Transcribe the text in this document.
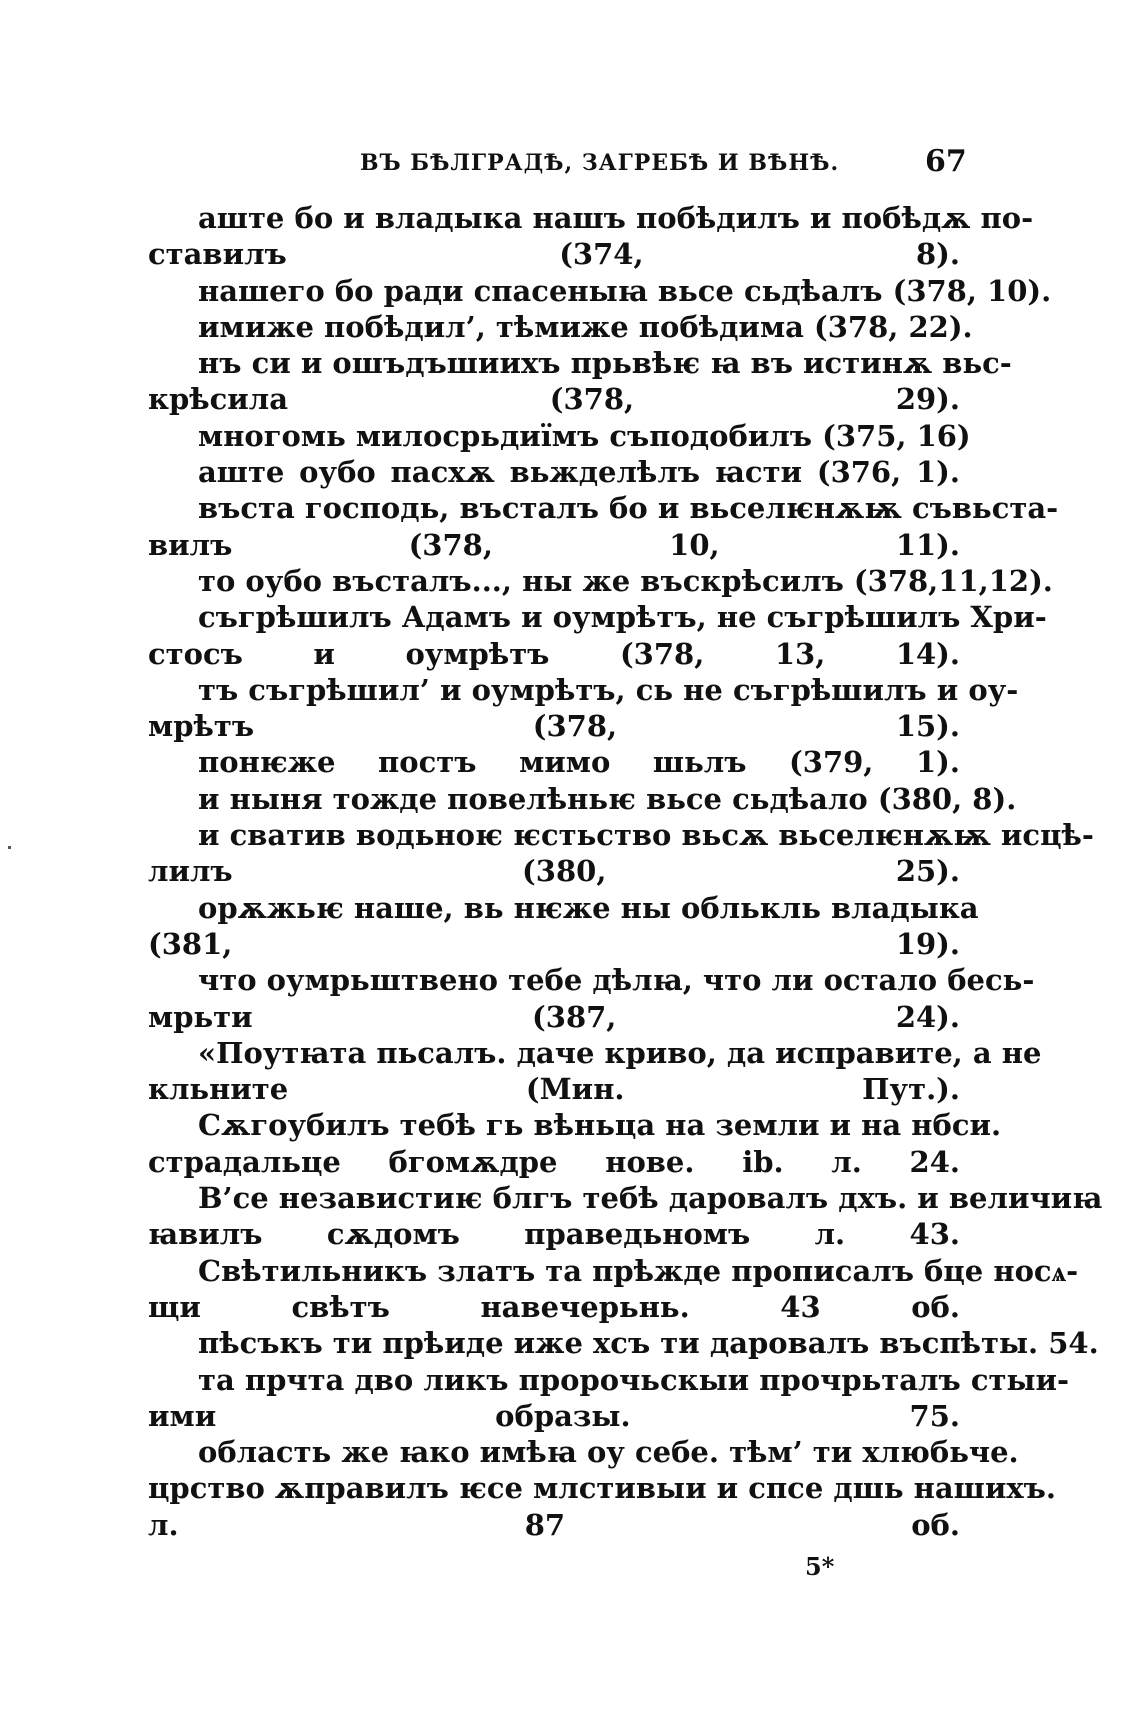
ВЪ БѢЛГРАДѢ, ЗАГРЕБѢ И ВѢНѢ.	67
аште бо и владыка нашъ побѣдилъ и побѣдѫ по-
ставилъ (374, 8).
нашего бо ради спасеныꙗ вьсе сьдѣалъ (378, 10).
имиже побѣдил’, тѣмиже побѣдима (378, 22).
нъ си и ошъдъшиихъ прьвѣѥ ꙗ въ истинѫ вьс-
крѣсила (378, 29).
многомь милосрьдиїмъ съподобилъ (375, 16)
аште оубо пасхѫ вьжделѣлъ ꙗсти (376, 1).
въста господь, въсталъ бо и вьселѥнѫѭ съвьста-
вилъ (378, 10, 11).
то оубо въсталъ..., ны же въскрѣсилъ (378,11,12).
съгрѣшилъ Адамъ и оумрѣтъ, не съгрѣшилъ Хри-
стосъ и оумрѣтъ (378, 13, 14).
тъ съгрѣшил’ и оумрѣтъ, сь не съгрѣшилъ и оу-
мрѣтъ (378, 15).
понѥже постъ мимо шьлъ (379, 1).
и ныня тожде повелѣньѥ вьсе сьдѣало (380, 8).
и сватив водьноѥ ѥстьство вьсѫ вьселѥнѫѭ исцѣ-
лилъ (380, 25).
орѫжьѥ наше, вь нѥже ны облькль владыка
(381, 19).
что оумрьштвено тебе дѣлꙗ, что ли остало бесь-
мрьти (387, 24).
«Поутꙗта пьсалъ. даче криво, да исправите, а не
кльните (Мин. Пут.).
Сѫгоубилъ тебѣ гь вѣньца на земли и на нбси.
страдальце бгомѫдре нове. ib. л. 24.
В’се независтиѥ блгъ тебѣ даровалъ дхъ. и величиꙗ
ꙗвилъ сѫдомъ праведьномъ л. 43.
Свѣтильникъ златъ та прѣжде прописалъ бце носѧ-
щи свѣтъ навечерьнь. 43 об.
пѣсъкъ ти прѣиде иже хсъ ти даровалъ въспѣты. 54.
та прчта дво ликъ пророчьскыи прочрьталъ стыи-
ими образы. 75.
область же ꙗко имѣꙗ оу себе. тѣм’ ти хлюбьче.
црство ѫправилъ ѥсе млстивыи и спсе дшь нашихъ.
л. 87 об.
5*
